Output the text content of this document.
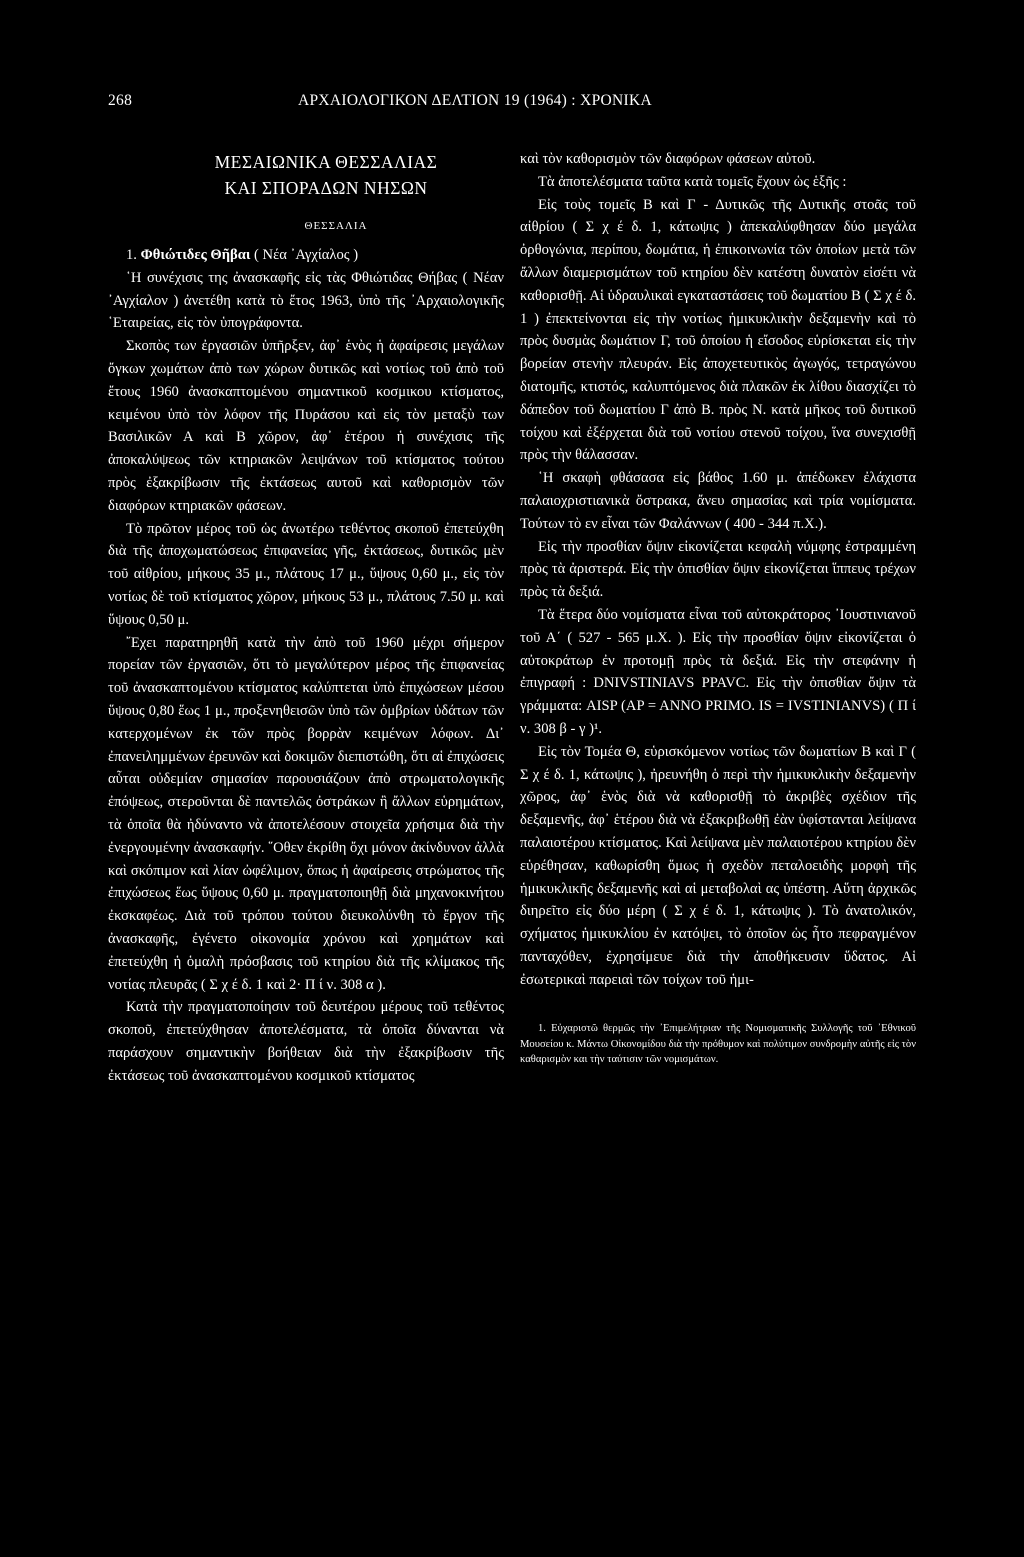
268	ΑΡΧΑΙΟΛΟΓΙΚΟΝ ΔΕΛΤΙΟΝ 19 (1964) : ΧΡΟΝΙΚΑ
ΜΕΣΑΙΩΝΙΚΑ ΘΕΣΣΑΛΙΑΣ
ΚΑΙ ΣΠΟΡΑΔΩΝ ΝΗΣΩΝ
ΘΕΣΣΑΛΙΑ

1. Φθιώτιδες Θῆβαι ( Νέα ᾿Αγχίαλος )

῾Η συνέχισις της ἀνασκαφῆς εἰς τὰς Φθιώτιδας Θήβας ( Νέαν ᾿Αγχίαλον ) ἀνετέθη κατὰ τὸ ἔτος 1963, ὑπὸ τῆς ᾿Αρχαιολογικῆς ῾Εταιρείας, εἰς τὸν ὑπογράφοντα.

Σκοπὸς των ἐργασιῶν ὑπῆρξεν, ἀφ᾿ ἑνὸς ἡ ἀφαίρεσις μεγάλων ὄγκων χωμάτων ἀπὸ των χώρων δυτικῶς καὶ νοτίως τοῦ ἀπὸ τοῦ ἔτους 1960 ἀνασκαπτομένου σημαντικοῦ κοσμικου κτίσματος, κειμένου ὑπὸ τὸν λόφον τῆς Πυράσου καὶ εἰς τὸν μεταξὺ των Βασιλικῶν Α καὶ Β χῶρον, ἀφ᾿ ἑτέρου ἡ συνέχισις τῆς ἀποκαλύψεως τῶν κτηριακῶν λειψάνων τοῦ κτίσματος τούτου πρὸς ἐξακρίβωσιν τῆς ἐκτάσεως αυτοῦ καὶ καθορισμὸν τῶν διαφόρων κτηριακῶν φάσεων.

Τὸ πρῶτον μέρος τοῦ ὡς ἀνωτέρω τεθέντος σκοποῦ ἐπετεύχθη διὰ τῆς ἀποχωματώσεως ἐπιφανείας γῆς, ἐκτάσεως, δυτικῶς μὲν τοῦ αἰθρίου, μήκους 35 μ., πλάτους 17 μ., ὕψους 0,60 μ., εἰς τὸν νοτίως δὲ τοῦ κτίσματος χῶρον, μήκους 53 μ., πλάτους 7.50 μ. καὶ ὕψους 0,50 μ.

῎Εχει παρατηρηθῆ κατὰ τὴν ἀπὸ τοῦ 1960 μέχρι σήμερον πορείαν τῶν ἐργασιῶν, ὅτι τὸ μεγαλύτερον μέρος τῆς ἐπιφανείας τοῦ ἀνασκαπτομένου κτίσματος καλύπτεται ὑπὸ ἐπιχώσεων μέσου ὕψους 0,80 ἕως 1 μ., προξενηθεισῶν ὑπὸ τῶν ὀμβρίων ὑδάτων τῶν κατερχομένων ἐκ τῶν πρὸς βορρὰν κειμένων λόφων. Δι᾿ ἐπανειλημμένων ἐρευνῶν καὶ δοκιμῶν διεπιστώθη, ὅτι αἱ ἐπιχώσεις αὗται οὐδεμίαν σημασίαν παρουσιάζουν ἀπὸ στρωματολογικῆς ἐπόψεως, στεροῦνται δὲ παντελῶς ὀστράκων ἢ ἄλλων εὑρημάτων, τὰ ὁποῖα θὰ ἠδύναντο νὰ ἀποτελέσουν στοιχεῖα χρήσιμα διὰ τὴν ἐνεργουμένην ἀνασκαφήν. ῞Οθεν ἐκρίθη ὄχι μόνον ἀκίνδυνον ἀλλὰ καὶ σκόπιμον καὶ λίαν ὠφέλιμον, ὅπως ἡ ἀφαίρεσις στρώματος τῆς ἐπιχώσεως ἕως ὕψους 0,60 μ. πραγματοποιηθῇ διὰ μηχανοκινήτου ἐκσκαφέως. Διὰ τοῦ τρόπου τούτου διευκολύνθη τὸ ἔργον τῆς ἀνασκαφῆς, ἐγένετο οἰκονομία χρόνου καὶ χρημάτων καὶ ἐπετεύχθη ἡ ὁμαλὴ πρόσβασις τοῦ κτηρίου διὰ τῆς κλίμακος τῆς νοτίας πλευρᾶς ( Σ χ έ δ. 1 καὶ 2· Π ί ν. 308 α ).

Κατὰ τὴν πραγματοποίησιν τοῦ δευτέρου μέρους τοῦ τεθέντος σκοποῦ, ἐπετεύχθησαν ἀποτελέσματα, τὰ ὁποῖα δύνανται νὰ παράσχουν σημαντικὴν βοήθειαν διὰ τὴν ἐξακρίβωσιν τῆς ἐκτάσεως τοῦ ἀνασκαπτομένου κοσμικοῦ κτίσματος

καὶ τὸν καθορισμὸν τῶν διαφόρων φάσεων αὐτοῦ.

Τὰ ἀποτελέσματα ταῦτα κατὰ τομεῖς ἔχουν ὡς ἑξῆς :

Εἰς τοὺς τομεῖς Β καὶ Γ - Δυτικῶς τῆς Δυτικῆς στοᾶς τοῦ αἰθρίου ( Σ χ έ δ. 1, κάτωψις ) ἀπεκαλύφθησαν δύο μεγάλα ὀρθογώνια, περίπου, δωμάτια, ἡ ἐπικοινωνία τῶν ὁποίων μετὰ τῶν ἄλλων διαμερισμάτων τοῦ κτηρίου δὲν κατέστη δυνατὸν εἰσέτι νὰ καθορισθῇ. Αἱ ὑδραυλικαὶ εγκαταστάσεις τοῦ δωματίου Β ( Σ χ έ δ. 1 ) ἐπεκτείνονται εἰς τὴν νοτίως ἡμικυκλικὴν δεξαμενὴν καὶ τὸ πρὸς δυσμὰς δωμάτιον Γ, τοῦ ὁποίου ἡ εἴσοδος εὑρίσκεται εἰς τὴν βορείαν στενὴν πλευράν. Εἰς ἀποχετευτικὸς ἀγωγός, τετραγώνου διατομῆς, κτιστός, καλυπτόμενος διὰ πλακῶν ἐκ λίθου διασχίζει τὸ δάπεδον τοῦ δωματίου Γ ἀπὸ Β. πρὸς Ν. κατὰ μῆκος τοῦ δυτικοῦ τοίχου καὶ ἐξέρχεται διὰ τοῦ νοτίου στενοῦ τοίχου, ἵνα συνεχισθῇ πρὸς τὴν θάλασσαν.

῾Η σκαφὴ φθάσασα εἰς βάθος 1.60 μ. ἀπέδωκεν ἐλάχιστα παλαιοχριστιανικὰ ὄστρακα, ἄνευ σημασίας καὶ τρία νομίσματα. Τούτων τὸ εν εἶναι τῶν Φαλάννων ( 400 - 344 π.Χ.).

Εἰς τὴν προσθίαν ὄψιν εἰκονίζεται κεφαλὴ νύμφης ἐστραμμένη πρὸς τὰ ἀριστερά. Εἰς τὴν ὀπισθίαν ὄψιν εἰκονίζεται ἵππευς τρέχων πρὸς τὰ δεξιά.

Τὰ ἕτερα δύο νομίσματα εἶναι τοῦ αὐτοκράτορος ᾿Ιουστινιανοῦ τοῦ Α΄ ( 527 - 565 μ.Χ. ). Εἰς τὴν προσθίαν ὄψιν εἰκονίζεται ὁ αὐτοκράτωρ ἐν προτομῇ πρὸς τὰ δεξιά. Εἰς τὴν στεφάνην ἡ ἐπιγραφή : DNIVSTINIAVS PPAVC. Εἰς τὴν ὀπισθίαν ὄψιν τὰ γράμματα: AISP (AP = ANNO PRIMO. IS = IVSTINIANVS) ( Π ί ν. 308 β - γ )¹.

Εἰς τὸν Τομέα Θ, εὑρισκόμενον νοτίως τῶν δωματίων Β καὶ Γ ( Σ χ έ δ. 1, κάτωψις ), ἠρευνήθη ὁ περὶ τὴν ἡμικυκλικὴν δεξαμενὴν χῶρος, ἀφ᾿ ἑνὸς διὰ νὰ καθορισθῇ τὸ ἀκριβὲς σχέδιον τῆς δεξαμενῆς, ἀφ᾿ ἑτέρου διὰ νὰ ἐξακριβωθῇ ἐὰν ὑφίστανται λείψανα παλαιοτέρου κτίσματος. Καὶ λείψανα μὲν παλαιοτέρου κτηρίου δὲν εὑρέθησαν, καθωρίσθη ὅμως ἡ σχεδὸν πεταλοειδὴς μορφὴ τῆς ἡμικυκλικῆς δεξαμενῆς καὶ αἱ μεταβολαὶ ας ὑπέστη. Αὕτη ἀρχικῶς διηρεῖτο εἰς δύο μέρη ( Σ χ έ δ. 1, κάτωψις ). Τὸ ἀνατολικόν, σχήματος ἡμικυκλίου ἐν κατόψει, τὸ ὁποῖον ὡς ἦτο πεφραγμένον πανταχόθεν, ἐχρησίμευε διὰ τὴν ἀποθήκευσιν ὕδατος. Αἱ ἐσωτερικαὶ παρειαὶ τῶν τοίχων τοῦ ἡμι-

1. Εὐχαριστῶ θερμῶς τὴν ᾿Επιμελήτριαν τῆς Νομισματικῆς Συλλογῆς τοῦ ᾿Εθνικοῦ Μουσείου κ. Μάντω Οἰκονομίδου διὰ τὴν πρόθυμον καὶ πολύτιμον συνδρομὴν αὐτῆς εἰς τὸν καθαρισμὸν και τὴν ταύτισιν τῶν νομισμάτων.
